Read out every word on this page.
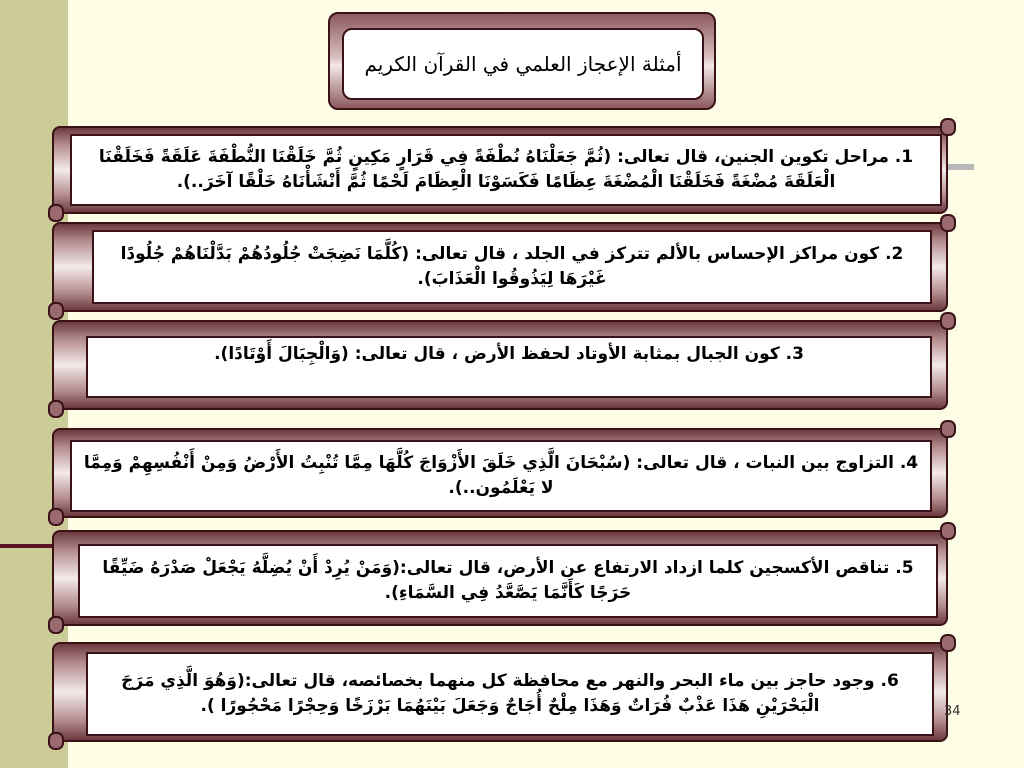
أمثلة الإعجاز العلمي في القرآن الكريم
1. مراحل تكوين الجنين، قال تعالى: (ثُمَّ جَعَلْنَاهُ نُطْفَةً فِي قَرَارٍ مَكِينٍ ثُمَّ خَلَقْنَا النُّطْفَةَ عَلَقَةً فَخَلَقْنَا الْعَلَقَةَ مُضْغَةً فَخَلَقْنَا الْمُضْغَةَ عِظَامًا فَكَسَوْنَا الْعِظَامَ لَحْمًا ثُمَّ أَنْشَأْنَاهُ خَلْقًا آخَرَ..).
2. كون مراكز الإحساس بالألم تتركز في الجلد ، قال تعالى: (كُلَّمَا نَضِجَتْ جُلُودُهُمْ بَدَّلْنَاهُمْ جُلُودًا غَيْرَهَا لِيَذُوقُوا الْعَذَابَ).
3. كون الجبال بمثابة الأوتاد لحفظ الأرض ، قال تعالى: (وَالْجِبَالَ أَوْتَادًا).
4. التزاوج بين النبات ، قال تعالى: (سُبْحَانَ الَّذِي خَلَقَ الأَزْوَاجَ كُلَّهَا مِمَّا تُنْبِتُ الأَرْضُ وَمِنْ أَنْفُسِهِمْ وَمِمَّا لا يَعْلَمُون..).
5. تناقص الأكسجين كلما ازداد الارتفاع عن الأرض، قال تعالى:(وَمَنْ يُرِدْ أَنْ يُضِلَّهُ يَجْعَلْ صَدْرَهُ ضَيِّقًا حَرَجًا كَأَنَّمَا يَصَّعَّدُ فِي السَّمَاءِ).
6. وجود حاجز بين ماء البحر والنهر مع محافظة كل منهما بخصائصه، قال تعالى:(وَهُوَ الَّذِي مَرَجَ الْبَحْرَيْنِ هَذَا عَذْبٌ فُرَاتٌ وَهَذَا مِلْحٌ أُجَاجٌ وَجَعَلَ بَيْنَهُمَا بَرْزَخًا وَحِجْرًا مَحْجُورًا ).	34
